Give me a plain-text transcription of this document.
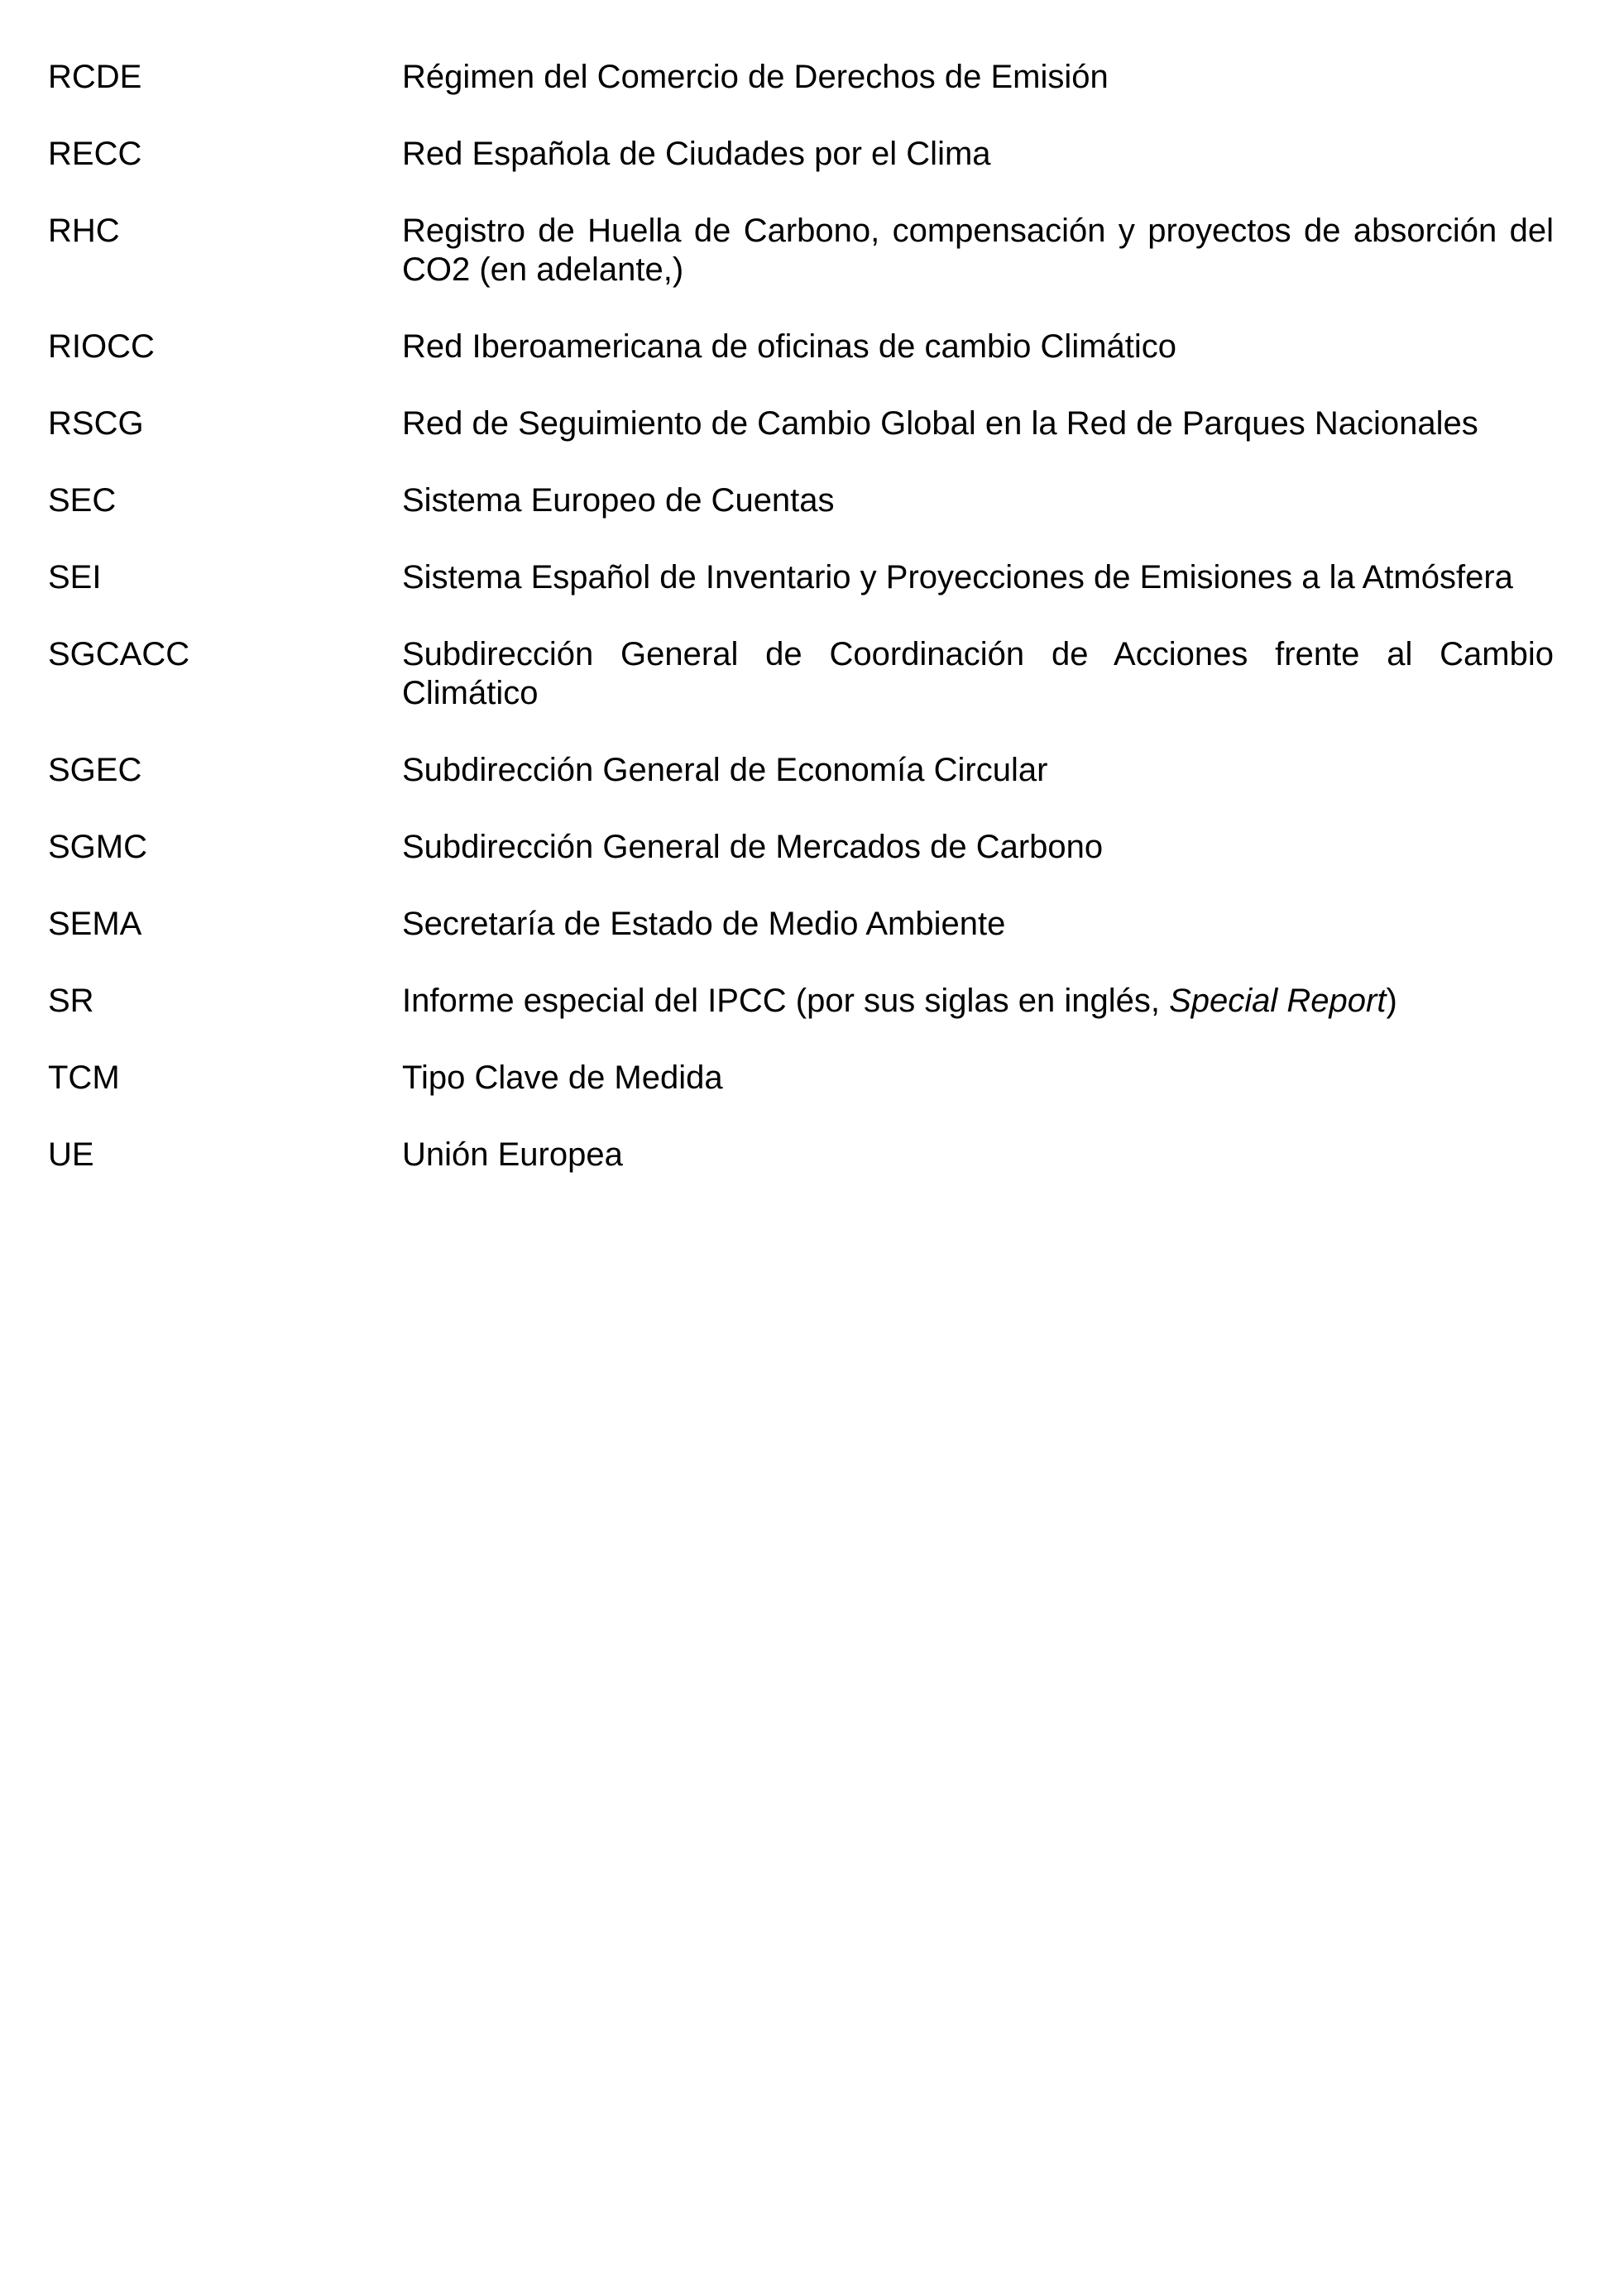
RCDE	Régimen del Comercio de Derechos de Emisión
RECC	Red Española de Ciudades por el Clima
RHC	Registro de Huella de Carbono, compensación y proyectos de absorción del CO2 (en adelante,)
RIOCC	Red Iberoamericana de oficinas de cambio Climático
RSCG	Red de Seguimiento de Cambio Global en la Red de Parques Nacionales
SEC	Sistema Europeo de Cuentas
SEI	Sistema Español de Inventario y Proyecciones de Emisiones a la Atmósfera
SGCACC	Subdirección General de Coordinación de Acciones frente al Cambio Climático
SGEC	Subdirección General de Economía Circular
SGMC	Subdirección General de Mercados de Carbono
SEMA	Secretaría de Estado de Medio Ambiente
SR	Informe especial del IPCC (por sus siglas en inglés, Special Report)
TCM	Tipo Clave de Medida
UE	Unión Europea
